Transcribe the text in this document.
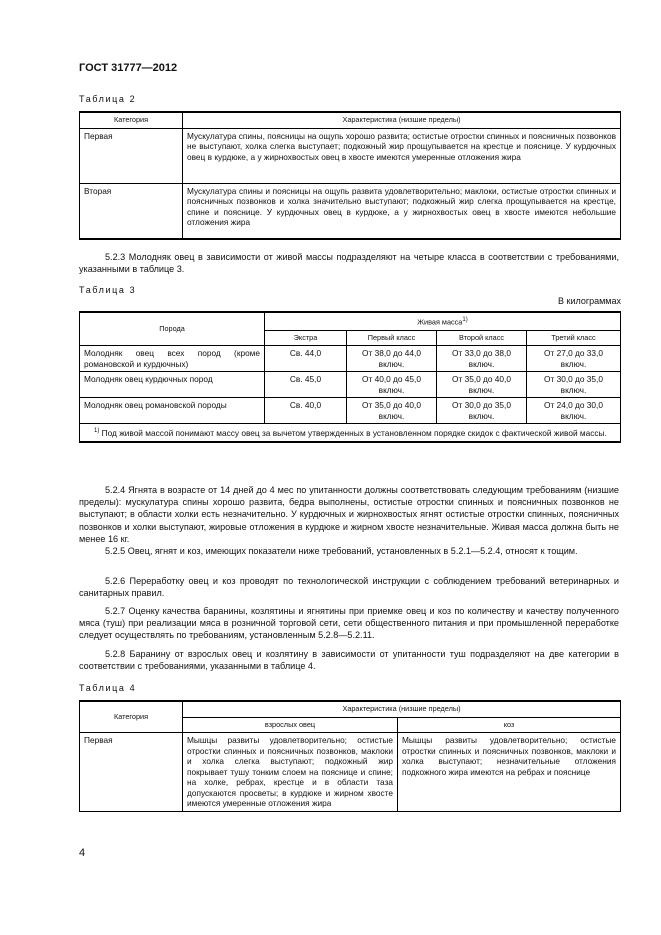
ГОСТ 31777—2012
Таблица 2
Категория	Характеристика (низшие пределы)
Первая	Мускулатура спины, поясницы на ощупь хорошо развита; остистые отростки спинных и поясничных позвонков не выступают, холка слегка выступает; подкожный жир прощупывается на крестце и пояснице. У курдючных овец в курдюке, а у жирнохвостых овец в хвосте имеются умеренные отложения жира
Вторая	Мускулатура спины и поясницы на ощупь развита удовлетворительно; маклоки, остистые отростки спинных и поясничных позвонков и холка значительно выступают; подкожный жир слегка прощупывается на крестце, спине и пояснице. У курдючных овец в курдюке, а у жирнохвостых овец в хвосте имеются небольшие отложения жира
5.2.3 Молодняк овец в зависимости от живой массы подразделяют на четыре класса в соответствии с требованиями, указанными в таблице 3.
Таблица 3
В килограммах
Порода	Живая масса$^{1)}$
	Экстра	Первый класс	Второй класс	Третий класс
Молодняк овец всех пород (кроме романовской и курдючных)	Св. 44,0	От 38,0 до 44,0 включ.	От 33,0 до 38,0 включ.	От 27,0 до 33,0 включ.
Молодняк овец курдючных пород	Св. 45,0	От 40,0 до 45,0 включ.	От 35,0 до 40,0 включ.	От 30,0 до 35,0 включ.
Молодняк овец романовской породы	Св. 40,0	От 35,0 до 40,0 включ.	От 30,0 до 35,0 включ.	От 24,0 до 30,0 включ.
$^{1)}$ Под живой массой понимают массу овец за вычетом утвержденных в установленном порядке скидок с фактической живой массы.				
5.2.4 Ягнята в возрасте от 14 дней до 4 мес по упитанности должны соответствовать следующим требованиям (низшие пределы): мускулатура спины хорошо развита, бедра выполнены, остистые отростки спинных и поясничных позвонков не выступают; в области холки есть незначительно. У курдючных и жирнохвостых ягнят остистые отростки спинных, поясничных позвонков и холки выступают, жировые отложения в курдюке и жирном хвосте незначительные. Живая масса должна быть не менее 16 кг.
5.2.5 Овец, ягнят и коз, имеющих показатели ниже требований, установленных в 5.2.1—5.2.4, относят к тощим.
5.2.6 Переработку овец и коз проводят по технологической инструкции с соблюдением требований ветеринарных и санитарных правил.
5.2.7 Оценку качества баранины, козлятины и ягнятины при приемке овец и коз по количеству и качеству полученного мяса (туш) при реализации мяса в розничной торговой сети, сети общественного питания и при промышленной переработке следует осуществлять по требованиям, установленным 5.2.8—5.2.11.
5.2.8 Баранину от взрослых овец и козлятину в зависимости от упитанности туш подразделяют на две категории в соответствии с требованиями, указанными в таблице 4.
Таблица 4
Категория	Характеристика (низшие пределы)	
	взрослых овец	коз
Первая	Мышцы развиты удовлетворительно; остистые отростки спинных и поясничных позвонков, маклоки и холка слегка выступают; подкожный жир покрывает тушу тонким слоем на пояснице и спине; на холке, ребрах, крестце и в области таза допускаются просветы; в курдюке и жирном хвосте имеются умеренные отложения жира	Мышцы развиты удовлетворительно; остистые отростки спинных и поясничных позвонков, маклоки и холка выступают; незначительные отложения подкожного жира имеются на ребрах и пояснице
4
